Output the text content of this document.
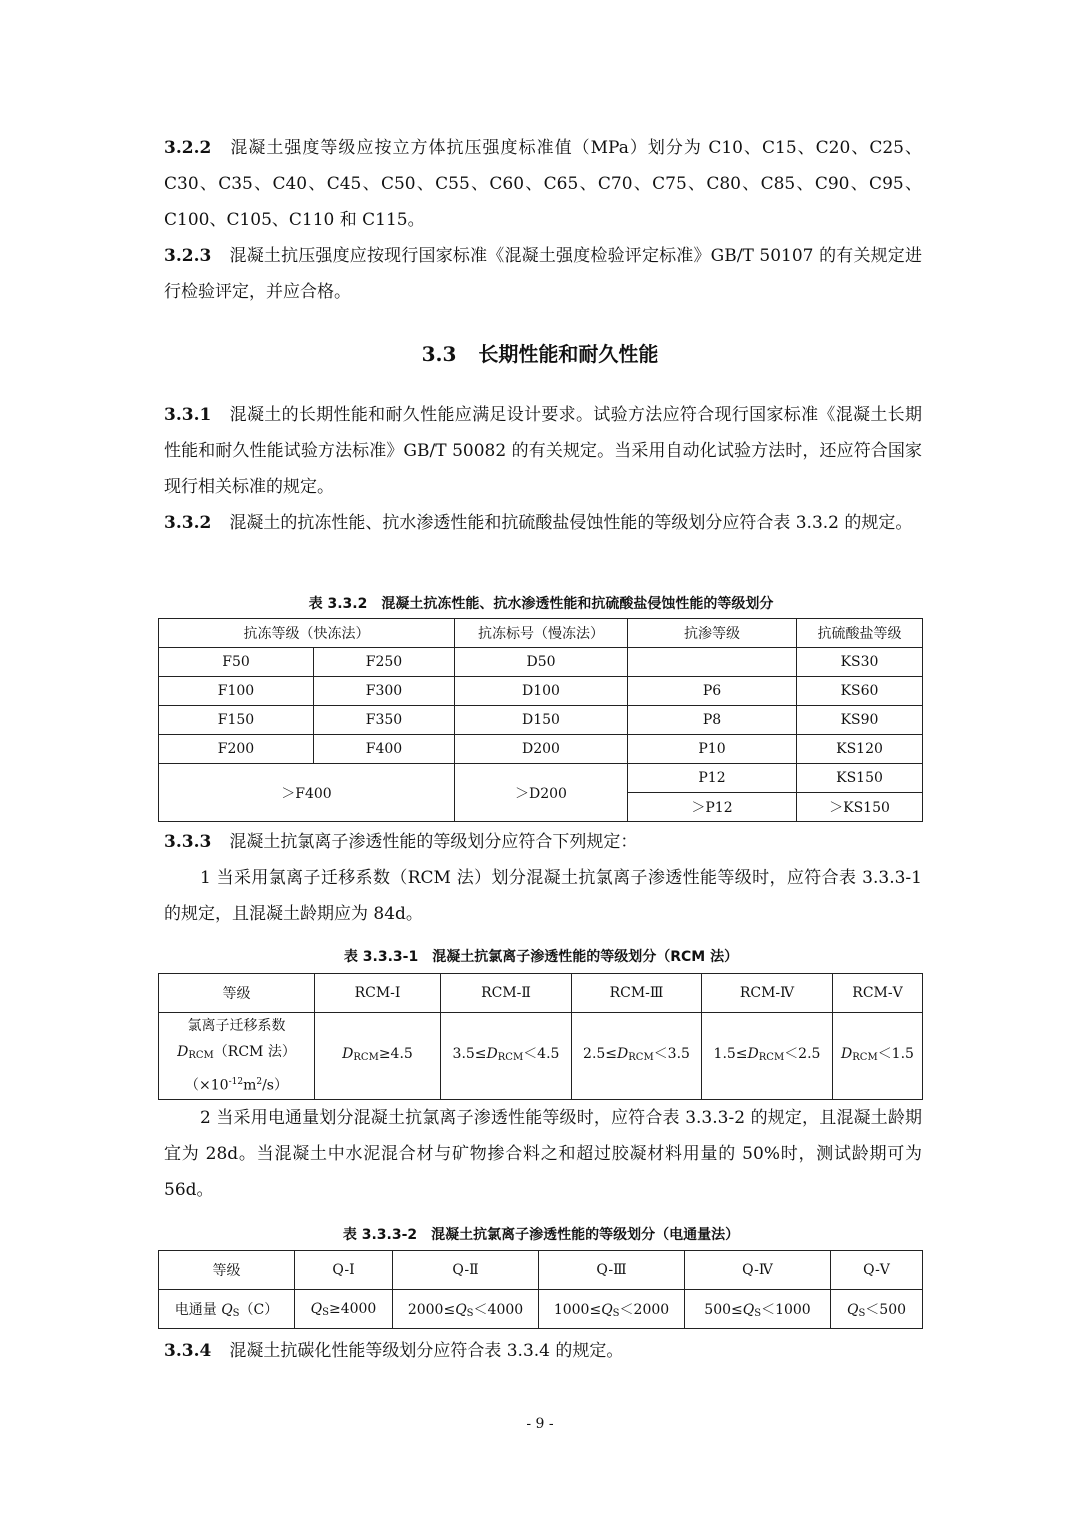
3.2.2 混凝土强度等级应按立方体抗压强度标准值（MPa）划分为 C10、C15、C20、C25、C30、C35、C40、C45、C50、C55、C60、C65、C70、C75、C80、C85、C90、C95、C100、C105、C110 和 C115。

3.2.3 混凝土抗压强度应按现行国家标准《混凝土强度检验评定标准》GB/T 50107 的有关规定进行检验评定，并应合格。

3.3 长期性能和耐久性能

3.3.1 混凝土的长期性能和耐久性能应满足设计要求。试验方法应符合现行国家标准《混凝土长期性能和耐久性能试验方法标准》GB/T 50082 的有关规定。当采用自动化试验方法时，还应符合国家现行相关标准的规定。

3.3.2 混凝土的抗冻性能、抗水渗透性能和抗硫酸盐侵蚀性能的等级划分应符合表 3.3.2 的规定。

表 3.3.2　混凝土抗冻性能、抗水渗透性能和抗硫酸盐侵蚀性能的等级划分

抗冻等级（快冻法）		抗冻标号（慢冻法）	抗渗等级	抗硫酸盐等级
F50	F250	D50		KS30
F100	F300	D100	P6	KS60
F150	F350	D150	P8	KS90
F200	F400	D200	P10	KS120
＞F400		＞D200	P12	KS150
			＞P12	＞KS150

3.3.3 混凝土抗氯离子渗透性能的等级划分应符合下列规定：

1 当采用氯离子迁移系数（RCM 法）划分混凝土抗氯离子渗透性能等级时，应符合表 3.3.3-1 的规定，且混凝土龄期应为 84d。

表 3.3.3-1　混凝土抗氯离子渗透性能的等级划分（RCM 法）

等级	RCM-Ⅰ	RCM-Ⅱ	RCM-Ⅲ	RCM-Ⅳ	RCM-Ⅴ
氯离子迁移系数
$D_{RCM}(RCM$ 法）
$(\times 10^{-12}m^2/s)$	$D_{RCM}\ge 4.5$	$3.5\le D_{RCM}<4.5$	$2.5\le D_{RCM}<3.5$	$1.5\le D_{RCM}<2.5$	$D_{RCM}<1.5$

2 当采用电通量划分混凝土抗氯离子渗透性能等级时，应符合表 3.3.3-2 的规定，且混凝土龄期宜为 28d。当混凝土中水泥混合材与矿物掺合料之和超过胶凝材料用量的 50%时，测试龄期可为 56d。

表 3.3.3-2　混凝土抗氯离子渗透性能的等级划分（电通量法）

等级	Q-Ⅰ	Q-Ⅱ	Q-Ⅲ	Q-Ⅳ	Q-Ⅴ
电通量 $Q_S(C)$	$Q_S\ge 4000$	$2000\le Q_S<4000$	$1000\le Q_S<2000$	$500\le Q_S<1000$	$Q_S<500$

3.3.4 混凝土抗碳化性能等级划分应符合表 3.3.4 的规定。

- 9 -
